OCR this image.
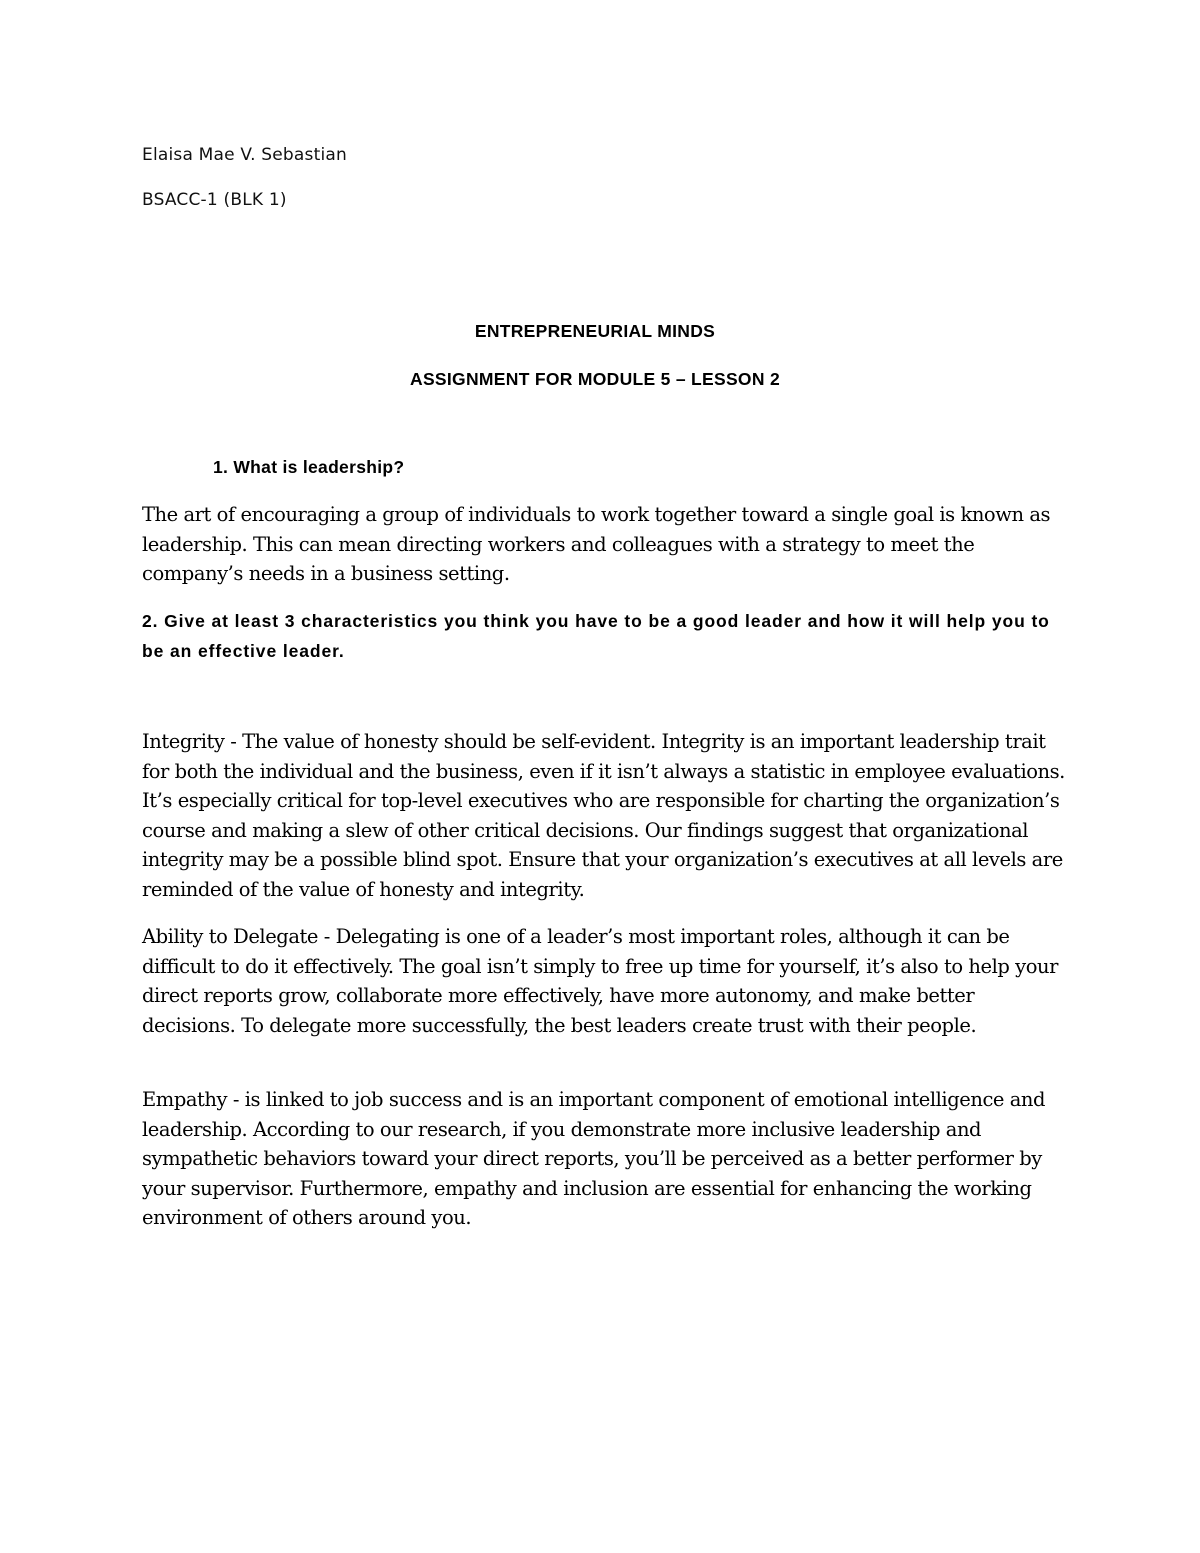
Elaisa Mae V. Sebastian
BSACC-1 (BLK 1)
ENTREPRENEURIAL MINDS
ASSIGNMENT FOR MODULE 5 – LESSON 2
1. What is leadership?

The art of encouraging a group of individuals to work together toward a single goal is known as leadership. This can mean directing workers and colleagues with a strategy to meet the company’s needs in a business setting.

2. Give at least 3 characteristics you think you have to be a good leader and how it will help you to be an effective leader.

Integrity - The value of honesty should be self-evident. Integrity is an important leadership trait for both the individual and the business, even if it isn’t always a statistic in employee evaluations. It’s especially critical for top-level executives who are responsible for charting the organization’s course and making a slew of other critical decisions. Our findings suggest that organizational integrity may be a possible blind spot. Ensure that your organization’s executives at all levels are reminded of the value of honesty and integrity.

Ability to Delegate - Delegating is one of a leader’s most important roles, although it can be difficult to do it effectively. The goal isn’t simply to free up time for yourself, it’s also to help your direct reports grow, collaborate more effectively, have more autonomy, and make better decisions. To delegate more successfully, the best leaders create trust with their people.

Empathy - is linked to job success and is an important component of emotional intelligence and leadership. According to our research, if you demonstrate more inclusive leadership and sympathetic behaviors toward your direct reports, you’ll be perceived as a better performer by your supervisor. Furthermore, empathy and inclusion are essential for enhancing the working environment of others around you.
